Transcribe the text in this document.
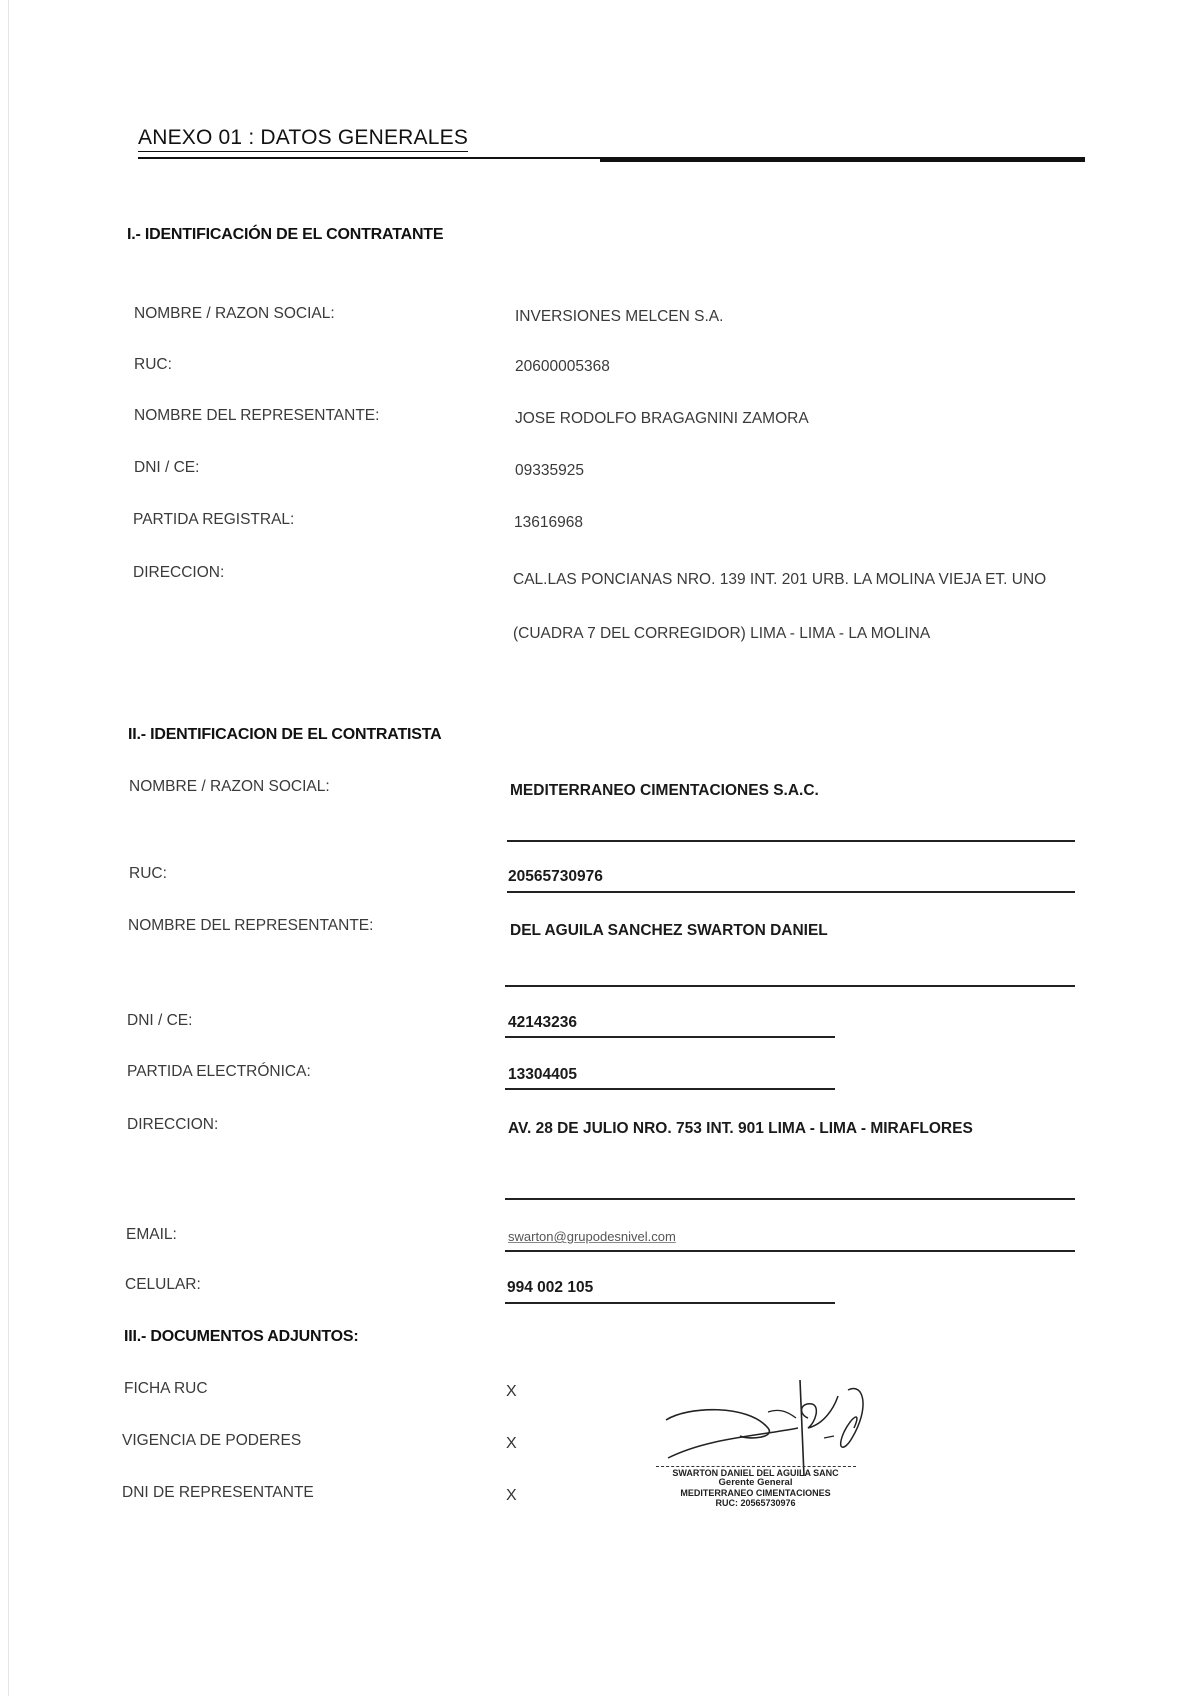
ANEXO 01 : DATOS GENERALES
I.- IDENTIFICACIÓN DE EL CONTRATANTE
NOMBRE / RAZON SOCIAL:	INVERSIONES MELCEN S.A.
RUC:	20600005368
NOMBRE DEL REPRESENTANTE:	JOSE RODOLFO BRAGAGNINI ZAMORA
DNI / CE:	09335925
PARTIDA REGISTRAL:	13616968
DIRECCION:	CAL.LAS PONCIANAS NRO. 139 INT. 201 URB. LA MOLINA VIEJA ET. UNO
(CUADRA 7 DEL CORREGIDOR) LIMA - LIMA - LA MOLINA
II.- IDENTIFICACION DE EL CONTRATISTA
NOMBRE / RAZON SOCIAL:	MEDITERRANEO CIMENTACIONES S.A.C.
RUC:	20565730976
NOMBRE DEL REPRESENTANTE:	DEL AGUILA SANCHEZ SWARTON DANIEL
DNI / CE:	42143236
PARTIDA ELECTRÓNICA:	13304405
DIRECCION:	AV. 28 DE JULIO NRO. 753 INT. 901 LIMA - LIMA - MIRAFLORES
EMAIL:	swarton@grupodesnivel.com
CELULAR:	994 002 105
III.- DOCUMENTOS ADJUNTOS:
FICHA RUC	X
VIGENCIA DE PODERES	X
DNI DE REPRESENTANTE	X
SWARTON DANIEL DEL AGUILA SANC
Gerente General
MEDITERRANEO CIMENTACIONES
RUC: 20565730976
